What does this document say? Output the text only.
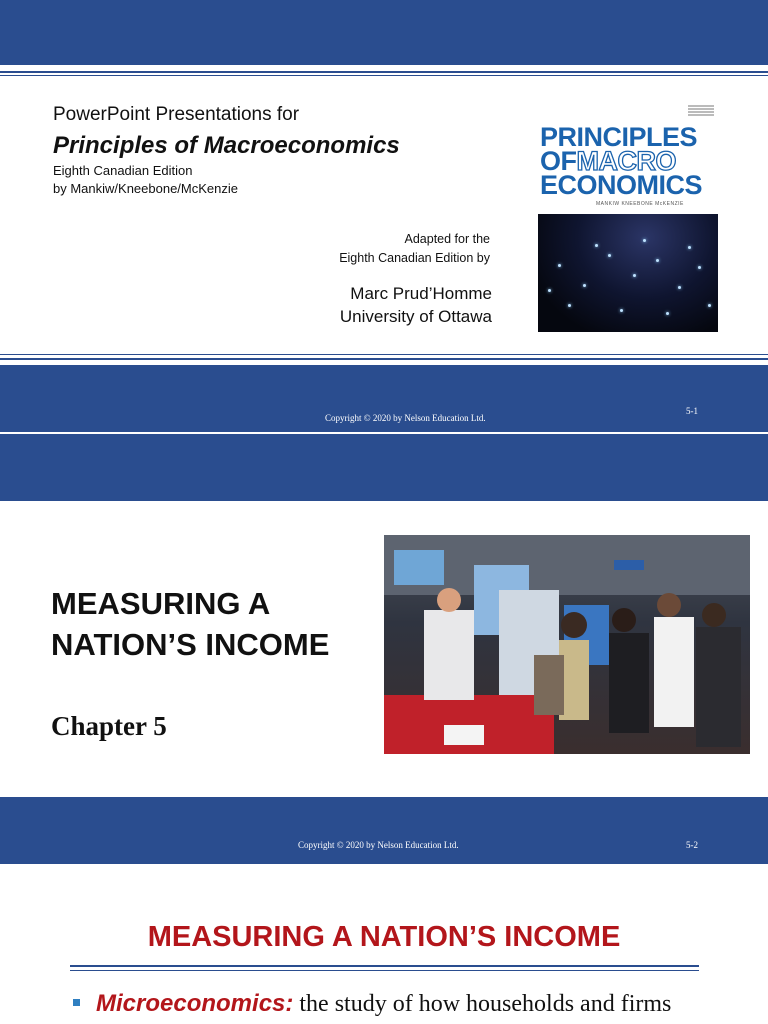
PowerPoint Presentations for
Principles of Macroeconomics
Eighth Canadian Edition
by Mankiw/Kneebone/McKenzie
Adapted for the
Eighth Canadian Edition by
Marc Prud’Homme
University of Ottawa
PRINCIPLES
OFMACRO
ECONOMICS
MANKIW KNEEBONE McKENZIE
Copyright © 2020 by Nelson Education Ltd.
5-1
MEASURING A
NATION’S INCOME
Chapter 5
Copyright © 2020 by Nelson Education Ltd.	5-2
MEASURING A NATION’S INCOME
Microeconomics: the study of how households and firms
